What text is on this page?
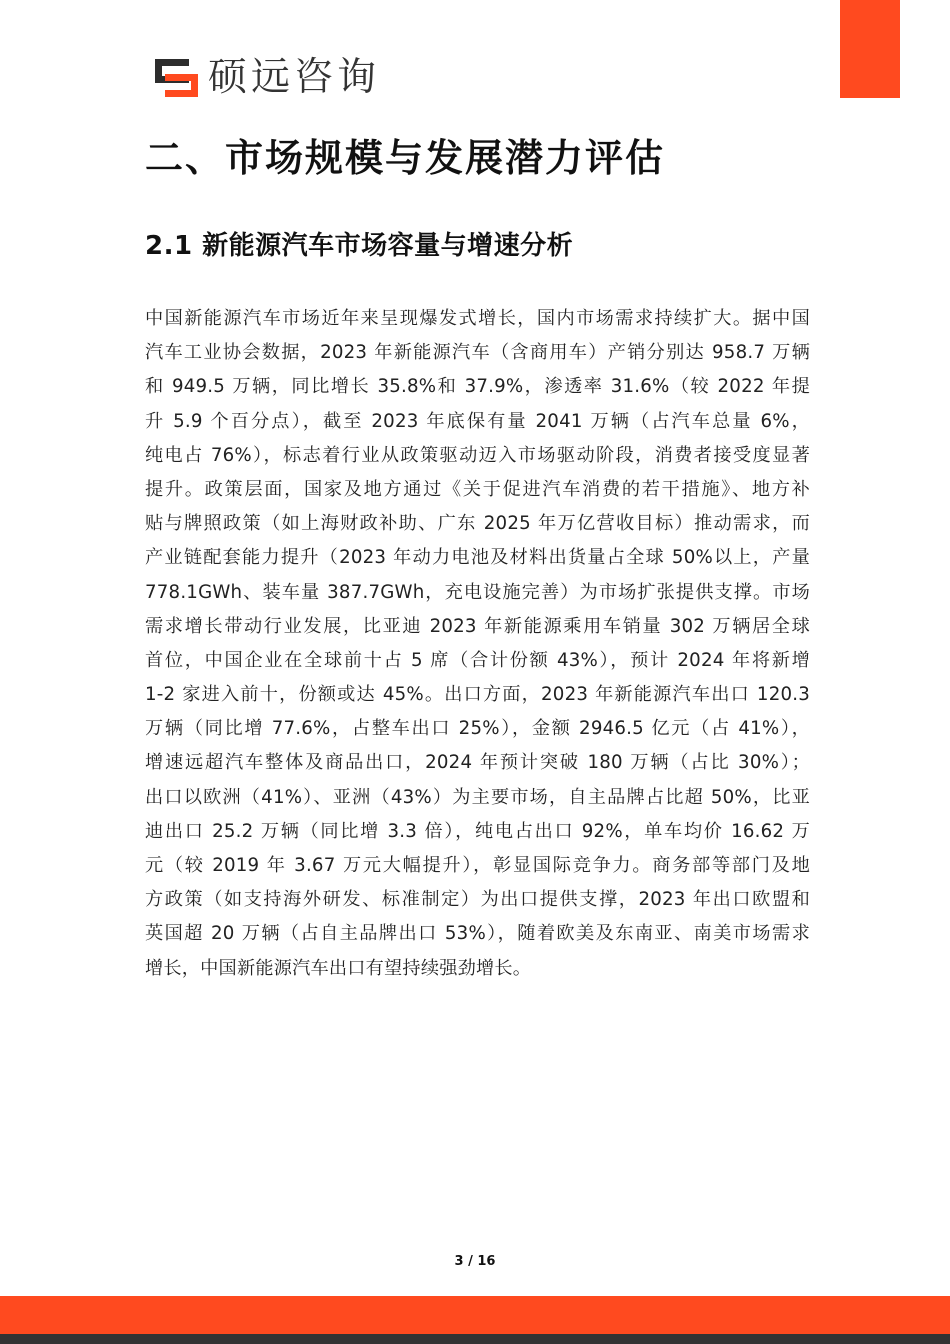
硕远咨询
二、市场规模与发展潜力评估
2.1 新能源汽车市场容量与增速分析
中国新能源汽车市场近年来呈现爆发式增长，国内市场需求持续扩大。据中国
汽车工业协会数据，2023 年新能源汽车（含商用车）产销分别达 958.7 万辆
和 949.5 万辆，同比增长 35.8%和 37.9%，渗透率 31.6%（较 2022 年提
升 5.9 个百分点），截至 2023 年底保有量 2041 万辆（占汽车总量 6%，
纯电占 76%），标志着行业从政策驱动迈入市场驱动阶段，消费者接受度显著
提升。政策层面，国家及地方通过《关于促进汽车消费的若干措施》、地方补
贴与牌照政策（如上海财政补助、广东 2025 年万亿营收目标）推动需求，而
产业链配套能力提升（2023 年动力电池及材料出货量占全球 50%以上，产量
778.1GWh、装车量 387.7GWh，充电设施完善）为市场扩张提供支撑。市场
需求增长带动行业发展，比亚迪 2023 年新能源乘用车销量 302 万辆居全球
首位，中国企业在全球前十占 5 席（合计份额 43%），预计 2024 年将新增
1-2 家进入前十，份额或达 45%。出口方面，2023 年新能源汽车出口 120.3
万辆（同比增 77.6%，占整车出口 25%），金额 2946.5 亿元（占 41%），
增速远超汽车整体及商品出口，2024 年预计突破 180 万辆（占比 30%）；
出口以欧洲（41%）、亚洲（43%）为主要市场，自主品牌占比超 50%，比亚
迪出口 25.2 万辆（同比增 3.3 倍），纯电占出口 92%，单车均价 16.62 万
元（较 2019 年 3.67 万元大幅提升），彰显国际竞争力。商务部等部门及地
方政策（如支持海外研发、标准制定）为出口提供支撑，2023 年出口欧盟和
英国超 20 万辆（占自主品牌出口 53%），随着欧美及东南亚、南美市场需求
增长，中国新能源汽车出口有望持续强劲增长。
3 / 16
